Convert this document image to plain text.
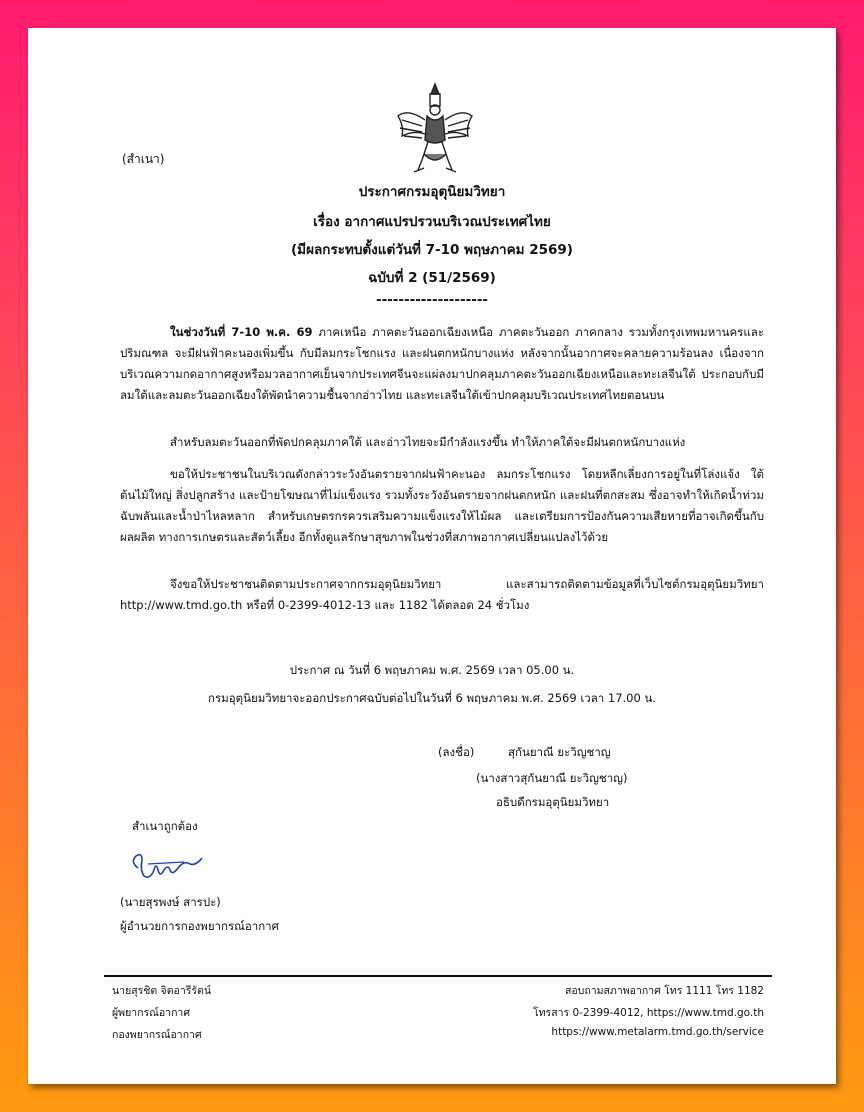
(สำเนา)
ประกาศกรมอุตุนิยมวิทยา
เรื่อง อากาศแปรปรวนบริเวณประเทศไทย
(มีผลกระทบตั้งแต่วันที่ 7-10 พฤษภาคม 2569)
ฉบับที่ 2 (51/2569)
--------------------
ในช่วงวันที่ 7-10 พ.ค. 69 ภาคเหนือ ภาคตะวันออกเฉียงเหนือ ภาคตะวันออก ภาคกลาง รวมทั้งกรุงเทพมหานครและปริมณฑล จะมีฝนฟ้าคะนองเพิ่มขึ้น กับมีลมกระโชกแรง และฝนตกหนักบางแห่ง หลังจากนั้นอากาศจะคลายความร้อนลง เนื่องจากบริเวณความกดอากาศสูงหรือมวลอากาศเย็นจากประเทศจีนจะแผ่ลงมาปกคลุมภาคตะวันออกเฉียงเหนือและทะเลจีนใต้ ประกอบกับมีลมใต้และลมตะวันออกเฉียงใต้พัดนำความชื้นจากอ่าวไทย และทะเลจีนใต้เข้าปกคลุมบริเวณประเทศไทยตอนบน
สำหรับลมตะวันออกที่พัดปกคลุมภาคใต้ และอ่าวไทยจะมีกำลังแรงขึ้น ทำให้ภาคใต้จะมีฝนตกหนักบางแห่ง
ขอให้ประชาชนในบริเวณดังกล่าวระวังอันตรายจากฝนฟ้าคะนอง ลมกระโชกแรง โดยหลีกเลี่ยงการอยู่ในที่โล่งแจ้ง ใต้ต้นไม้ใหญ่ สิ่งปลูกสร้าง และป้ายโฆษณาที่ไม่แข็งแรง รวมทั้งระวังอันตรายจากฝนตกหนัก และฝนที่ตกสะสม ซึ่งอาจทำให้เกิดน้ำท่วมฉับพลันและน้ำป่าไหลหลาก สำหรับเกษตรกรควรเสริมความแข็งแรงให้ไม้ผล และเตรียมการป้องกันความเสียหายที่อาจเกิดขึ้นกับผลผลิต ทางการเกษตรและสัตว์เลี้ยง อีกทั้งดูแลรักษาสุขภาพในช่วงที่สภาพอากาศเปลี่ยนแปลงไว้ด้วย
จึงขอให้ประชาชนติดตามประกาศจากกรมอุตุนิยมวิทยา และสามารถติดตามข้อมูลที่เว็บไซต์กรมอุตุนิยมวิทยา http://www.tmd.go.th หรือที่ 0-2399-4012-13 และ 1182 ได้ตลอด 24 ชั่วโมง
ประกาศ ณ วันที่ 6 พฤษภาคม พ.ศ. 2569 เวลา 05.00 น.
กรมอุตุนิยมวิทยาจะออกประกาศฉบับต่อไปในวันที่ 6 พฤษภาคม พ.ศ. 2569 เวลา 17.00 น.
(ลงชื่อ)	สุกันยาณี ยะวิญชาญ
(นางสาวสุกันยาณี ยะวิญชาญ)
อธิบดีกรมอุตุนิยมวิทยา
สำเนาถูกต้อง
(นายสุรพงษ์ สารปะ)
ผู้อำนวยการกองพยากรณ์อากาศ
นายสุรชิต จิตอารีรัตน์
ผู้พยากรณ์อากาศ
กองพยากรณ์อากาศ
สอบถามสภาพอากาศ โทร 1111 โทร 1182
โทรสาร 0-2399-4012, https://www.tmd.go.th
https://www.metalarm.tmd.go.th/service
